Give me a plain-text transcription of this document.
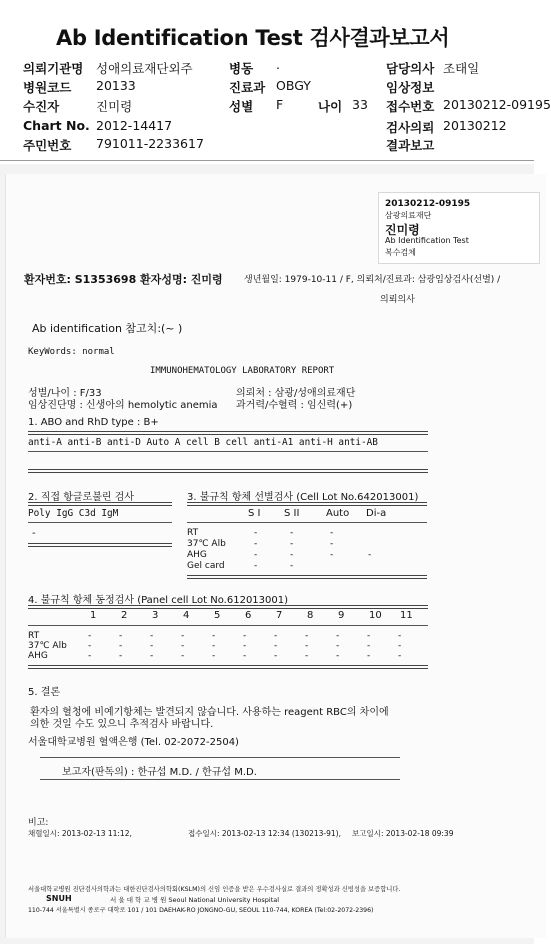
Ab Identification Test 검사결과보고서
의뢰기관명 성애의료재단외주	병동 .	담당의사 조태일
병원코드 20133	진료과 OBGY	임상정보
수진자	진미령	성별 F	나이 33 접수번호 20130212-09195
Chart No. 2012-14417	검사의뢰 20130212
주민번호 791011-2233617	결과보고
20130212-09195
삼광의료재단
진미령
Ab Identification Test
복수검체
환자번호: S1353698 환자성명: 진미령 생년월일: 1979-10-11 / F, 의뢰처/진료과: 삼광임상검사(선별) /
의뢰의사
Ab identification 참고치:(~ )
KeyWords: normal
IMMUNOHEMATOLOGY LABORATORY REPORT
성별/나이 : F/33
임상진단명 : 신생아의 hemolytic anemia
의뢰처 : 삼광/성애의료재단
과거력/수혈력 : 임신력(+)
1. ABO and RhD type : B+
anti-A anti-B anti-D Auto A cell B cell anti-A1 anti-H anti-AB
2. 직접 항글로불린 검사
Poly IgG C3d IgM
-
3. 불규칙 항체 선별검사 (Cell Lot No.642013001)
S I S II	Auto Di-a
RT	-	-	-
37℃ Alb	-	-	-
AHG	-	-	-	-
Gel card	-	-
4. 불규칙 항체 동정검사 (Panel cell Lot No.612013001)
1 2 3 4 5 6 7 8 9 10 11
RT	-	-	-	-	-	-	-	-	-	-	-
37℃ Alb -	-	-	-	-	-	-	-	-	-	-
AHG	-	-	-	-	-	-	-	-	-	-	-
5. 결론
환자의 혈청에 비예기항체는 발견되지 않습니다. 사용하는 reagent RBC의 차이에
의한 것일 수도 있으니 추적검사 바랍니다.
서울대학교병원 혈액은행 (Tel. 02-2072-2504)
보고자(판독의) : 한규섭 M.D. / 한규섭 M.D.
비고:
채혈일시: 2013-02-13 11:12,	접수일시: 2013-02-13 12:34 (130213-91), 보고일시: 2013-02-18 09:39
서울대학교병원 진단검사의학과는 대한진단검사의학회(KSLM)의 신임 인증을 받은 우수검사실로 결과의 정확성과 신빙성을 보증합니다.
SNUH	서 울 대 학 교 병 원 Seoul National University Hospital
110-744 서울특별시 종로구 대학로 101 / 101 DAEHAK-RO JONGNO-GU, SEOUL 110-744, KOREA (Tel:02-2072-2396)
